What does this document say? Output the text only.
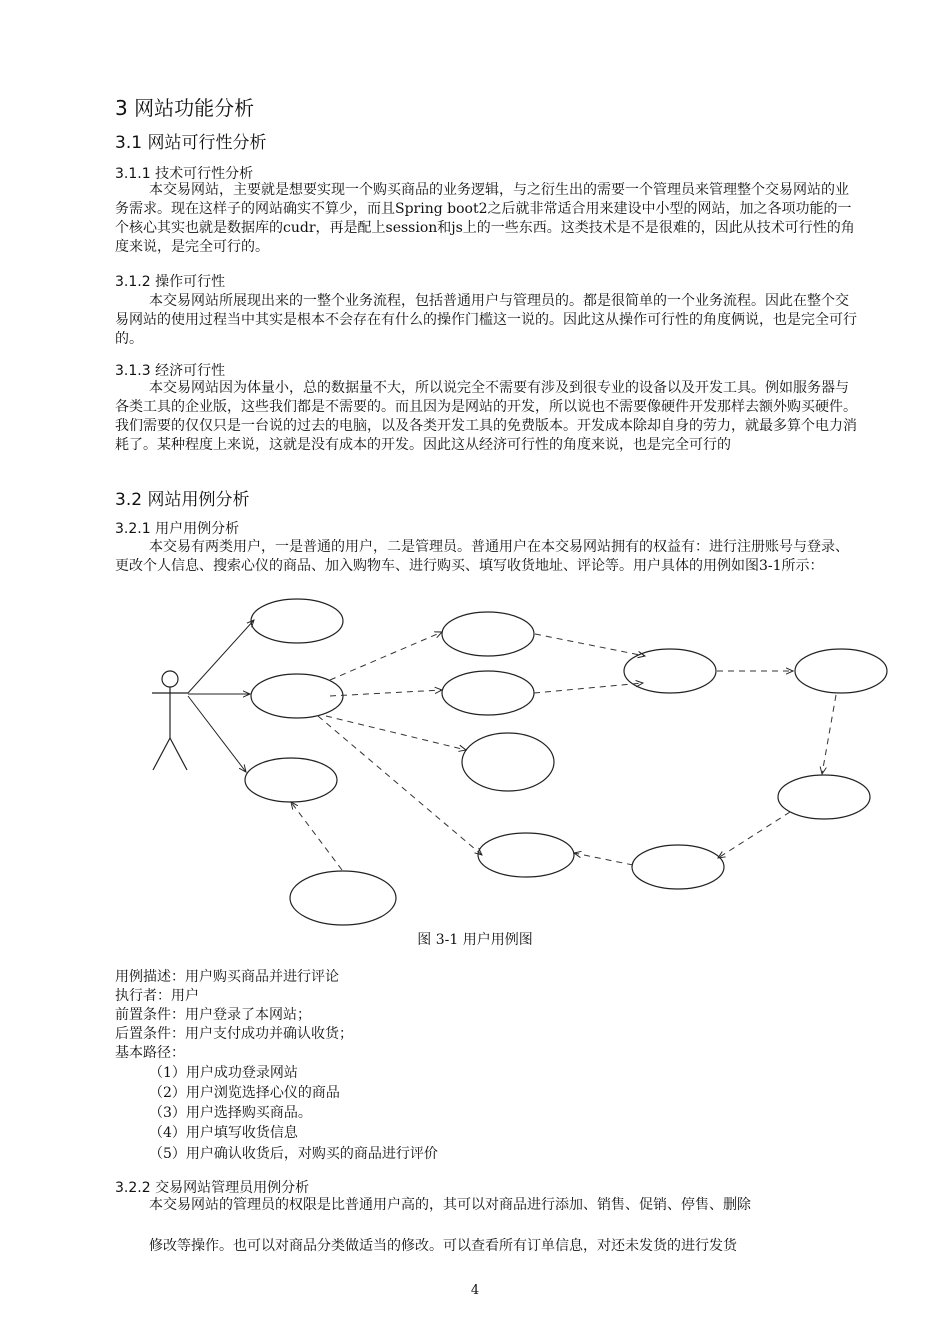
3 网站功能分析
3.1 网站可行性分析
3.1.1 技术可行性分析

本交易网站，主要就是想要实现一个购买商品的业务逻辑，与之衍生出的需要一个管理员来管理整个交易网站的业务需求。现在这样子的网站确实不算少，而且Spring boot2之后就非常适合用来建设中小型的网站，加之各项功能的一个核心其实也就是数据库的cudr，再是配上session和js上的一些东西。这类技术是不是很难的，因此从技术可行性的角度来说，是完全可行的。

3.1.2 操作可行性

本交易网站所展现出来的一整个业务流程，包括普通用户与管理员的。都是很简单的一个业务流程。因此在整个交易网站的使用过程当中其实是根本不会存在有什么的操作门槛这一说的。因此这从操作可行性的角度俩说，也是完全可行的。

3.1.3 经济可行性

本交易网站因为体量小，总的数据量不大，所以说完全不需要有涉及到很专业的设备以及开发工具。例如服务器与各类工具的企业版，这些我们都是不需要的。而且因为是网站的开发，所以说也不需要像硬件开发那样去额外购买硬件。我们需要的仅仅只是一台说的过去的电脑，以及各类开发工具的免费版本。开发成本除却自身的劳力，就最多算个电力消耗了。某种程度上来说，这就是没有成本的开发。因此这从经济可行性的角度来说，也是完全可行的

3.2 网站用例分析
3.2.1 用户用例分析

本交易有两类用户，一是普通的用户，二是管理员。普通用户在本交易网站拥有的权益有：进行注册账号与登录、更改个人信息、搜索心仪的商品、加入购物车、进行购买、填写收货地址、评论等。用户具体的用例如图3-1所示：

图 3-1 用户用例图
用例描述：用户购买商品并进行评论
执行者：用户
前置条件：用户登录了本网站；
后置条件：用户支付成功并确认收货；
基本路径：
（1）用户成功登录网站
（2）用户浏览选择心仪的商品
（3）用户选择购买商品。
（4）用户填写收货信息
（5）用户确认收货后，对购买的商品进行评价
3.2.2 交易网站管理员用例分析

本交易网站的管理员的权限是比普通用户高的，其可以对商品进行添加、销售、促销、停售、删除

修改等操作。也可以对商品分类做适当的修改。可以查看所有订单信息，对还未发货的进行发货

4
